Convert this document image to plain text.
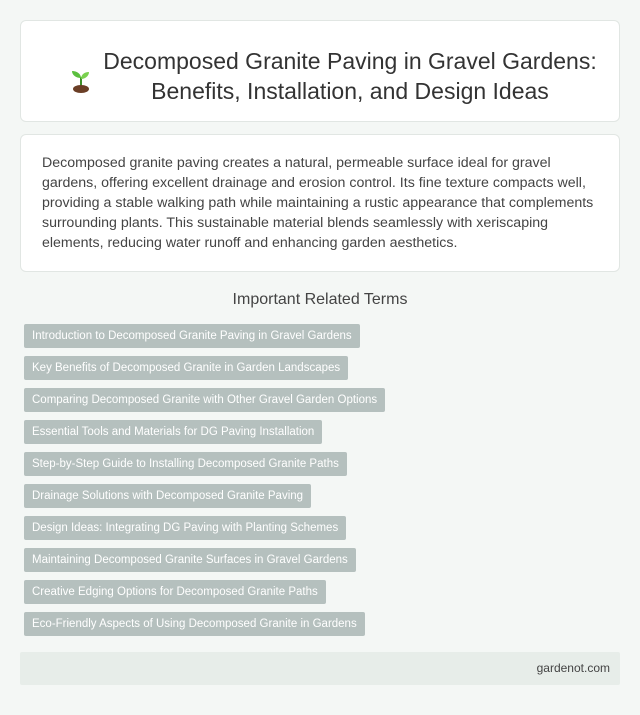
Decomposed Granite Paving in Gravel Gardens: Benefits, Installation, and Design Ideas

Decomposed granite paving creates a natural, permeable surface ideal for gravel gardens, offering excellent drainage and erosion control. Its fine texture compacts well, providing a stable walking path while maintaining a rustic appearance that complements surrounding plants. This sustainable material blends seamlessly with xeriscaping elements, reducing water runoff and enhancing garden aesthetics.

Important Related Terms
Introduction to Decomposed Granite Paving in Gravel Gardens
Key Benefits of Decomposed Granite in Garden Landscapes
Comparing Decomposed Granite with Other Gravel Garden Options
Essential Tools and Materials for DG Paving Installation
Step-by-Step Guide to Installing Decomposed Granite Paths
Drainage Solutions with Decomposed Granite Paving
Design Ideas: Integrating DG Paving with Planting Schemes
Maintaining Decomposed Granite Surfaces in Gravel Gardens
Creative Edging Options for Decomposed Granite Paths
Eco-Friendly Aspects of Using Decomposed Granite in Gardens
gardenot.com
